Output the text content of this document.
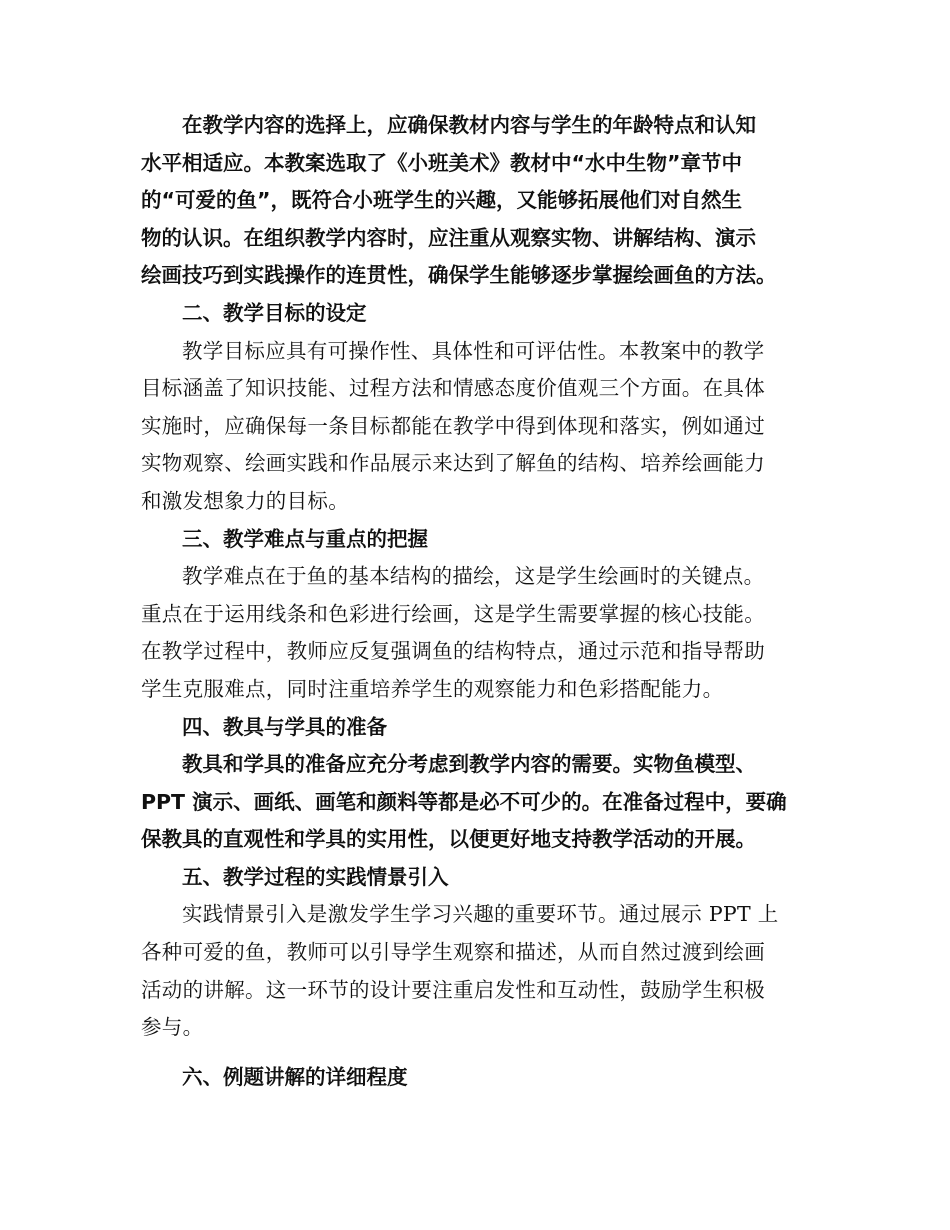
在教学内容的选择上，应确保教材内容与学生的年龄特点和认知
水平相适应。本教案选取了《小班美术》教材中“水中生物”章节中
的“可爱的鱼”，既符合小班学生的兴趣，又能够拓展他们对自然生
物的认识。在组织教学内容时，应注重从观察实物、讲解结构、演示
绘画技巧到实践操作的连贯性，确保学生能够逐步掌握绘画鱼的方法。

二、教学目标的设定

教学目标应具有可操作性、具体性和可评估性。本教案中的教学
目标涵盖了知识技能、过程方法和情感态度价值观三个方面。在具体
实施时，应确保每一条目标都能在教学中得到体现和落实，例如通过
实物观察、绘画实践和作品展示来达到了解鱼的结构、培养绘画能力
和激发想象力的目标。

三、教学难点与重点的把握

教学难点在于鱼的基本结构的描绘，这是学生绘画时的关键点。
重点在于运用线条和色彩进行绘画，这是学生需要掌握的核心技能。
在教学过程中，教师应反复强调鱼的结构特点，通过示范和指导帮助
学生克服难点，同时注重培养学生的观察能力和色彩搭配能力。

四、教具与学具的准备

教具和学具的准备应充分考虑到教学内容的需要。实物鱼模型、
PPT 演示、画纸、画笔和颜料等都是必不可少的。在准备过程中，要确
保教具的直观性和学具的实用性，以便更好地支持教学活动的开展。

五、教学过程的实践情景引入

实践情景引入是激发学生学习兴趣的重要环节。通过展示 PPT 上
各种可爱的鱼，教师可以引导学生观察和描述，从而自然过渡到绘画
活动的讲解。这一环节的设计要注重启发性和互动性，鼓励学生积极
参与。

六、例题讲解的详细程度
